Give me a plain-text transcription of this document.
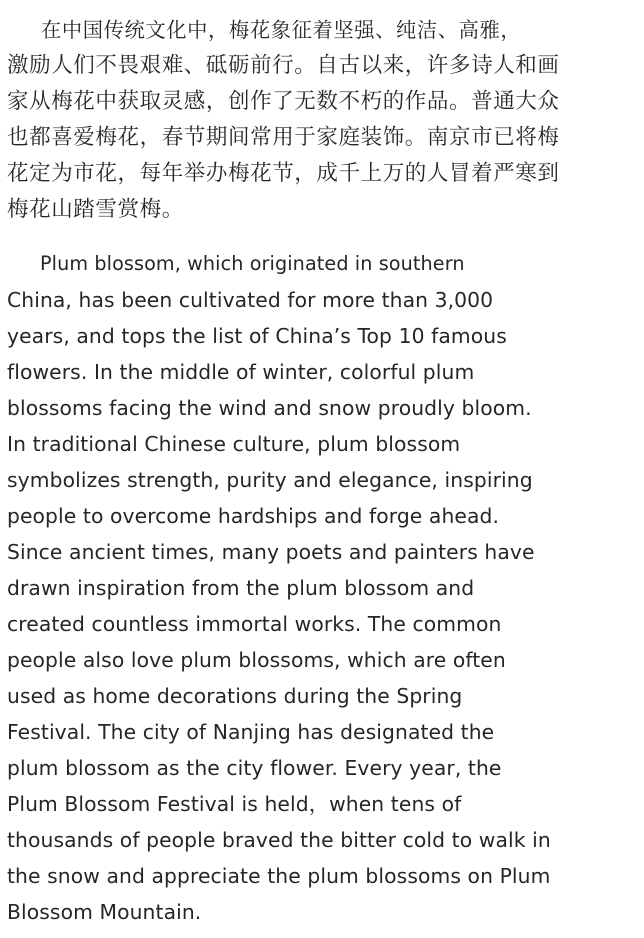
在中国传统文化中，梅花象征着坚强、纯洁、高雅，
激励人们不畏艰难、砥砺前行。自古以来，许多诗人和画
家从梅花中获取灵感，创作了无数不朽的作品。普通大众
也都喜爱梅花，春节期间常用于家庭装饰。南京市已将梅
花定为市花，每年举办梅花节，成千上万的人冒着严寒到
梅花山踏雪赏梅。

Plum blossom, which originated in southern
China, has been cultivated for more than 3,000
years, and tops the list of China’s Top 10 famous
flowers. In the middle of winter, colorful plum
blossoms facing the wind and snow proudly bloom.
In traditional Chinese culture, plum blossom
symbolizes strength, purity and elegance, inspiring
people to overcome hardships and forge ahead.
Since ancient times, many poets and painters have
drawn inspiration from the plum blossom and
created countless immortal works. The common
people also love plum blossoms, which are often
used as home decorations during the Spring
Festival. The city of Nanjing has designated the
plum blossom as the city flower. Every year, the
Plum Blossom Festival is held，when tens of
thousands of people braved the bitter cold to walk in
the snow and appreciate the plum blossoms on Plum
Blossom Mountain.
